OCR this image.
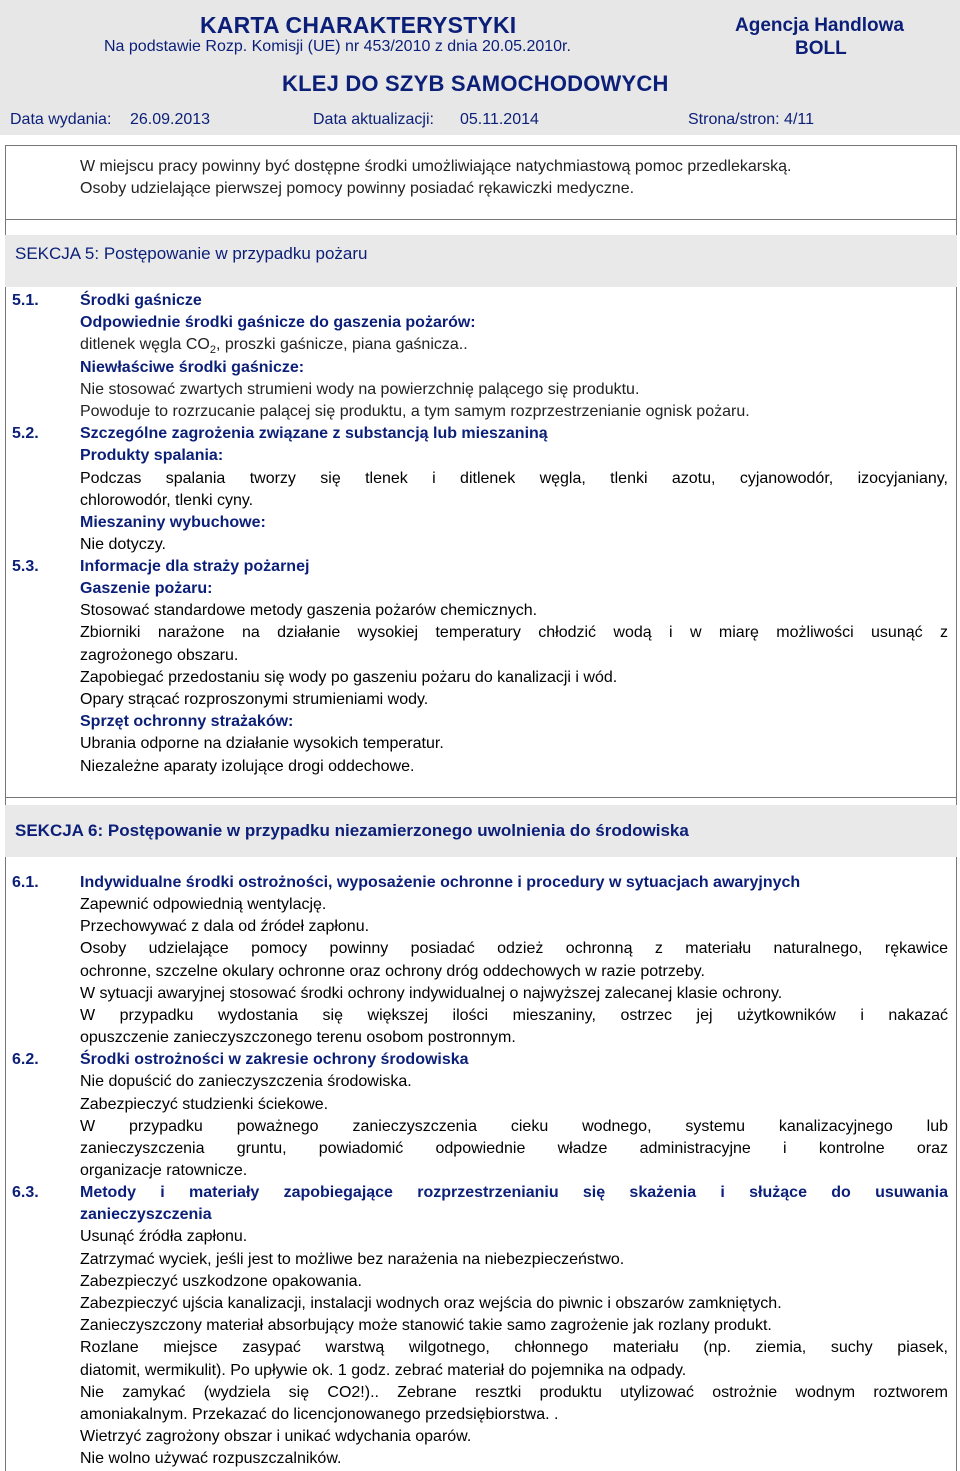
KARTA CHARAKTERYSTYKI
Na podstawie Rozp. Komisji (UE) nr 453/2010 z dnia 20.05.2010r.
Agencja Handlowa
BOLL
KLEJ DO SZYB SAMOCHODOWYCH
Data wydania: 26.09.2013	Data aktualizacji: 05.11.2014	Strona/stron: 4/11
W miejscu pracy powinny być dostępne środki umożliwiające natychmiastową pomoc przedlekarską.
Osoby udzielające pierwszej pomocy powinny posiadać rękawiczki medyczne.
SEKCJA 5: Postępowanie w przypadku pożaru
5.1.	Środki gaśnicze
Odpowiednie środki gaśnicze do gaszenia pożarów:
ditlenek węgla $CO_2$, proszki gaśnicze, piana gaśnicza..
Niewłaściwe środki gaśnicze:
Nie stosować zwartych strumieni wody na powierzchnię palącego się produktu.
Powoduje to rozrzucanie palącej się produktu, a tym samym rozprzestrzenianie ognisk pożaru.
5.2.	Szczególne zagrożenia związane z substancją lub mieszaniną
Produkty spalania:
Podczas spalania tworzy się tlenek i ditlenek węgla, tlenki azotu, cyjanowodór, izocyjaniany,
chlorowodór, tlenki cyny.
Mieszaniny wybuchowe:
Nie dotyczy.
5.3.	Informacje dla straży pożarnej
Gaszenie pożaru:
Stosować standardowe metody gaszenia pożarów chemicznych.
Zbiorniki narażone na działanie wysokiej temperatury chłodzić wodą i w miarę możliwości usunąć z
zagrożonego obszaru.
Zapobiegać przedostaniu się wody po gaszeniu pożaru do kanalizacji i wód.
Opary strącać rozproszonymi strumieniami wody.
Sprzęt ochronny strażaków:
Ubrania odporne na działanie wysokich temperatur.
Niezależne aparaty izolujące drogi oddechowe.
SEKCJA 6: Postępowanie w przypadku niezamierzonego uwolnienia do środowiska
6.1.	Indywidualne środki ostrożności, wyposażenie ochronne i procedury w sytuacjach awaryjnych
Zapewnić odpowiednią wentylację.
Przechowywać z dala od źródeł zapłonu.
Osoby udzielające pomocy powinny posiadać odzież ochronną z materiału naturalnego, rękawice
ochronne, szczelne okulary ochronne oraz ochrony dróg oddechowych w razie potrzeby.
W sytuacji awaryjnej stosować środki ochrony indywidualnej o najwyższej zalecanej klasie ochrony.
W przypadku wydostania się większej ilości mieszaniny, ostrzec jej użytkowników i nakazać
opuszczenie zanieczyszczonego terenu osobom postronnym.
6.2.	Środki ostrożności w zakresie ochrony środowiska
Nie dopuścić do zanieczyszczenia środowiska.
Zabezpieczyć studzienki ściekowe.
W przypadku poważnego zanieczyszczenia cieku wodnego, systemu kanalizacyjnego lub
zanieczyszczenia gruntu, powiadomić odpowiednie władze administracyjne i kontrolne oraz
organizacje ratownicze.
6.3.	Metody i materiały zapobiegające rozprzestrzenianiu się skażenia i służące do usuwania
zanieczyszczenia
Usunąć źródła zapłonu.
Zatrzymać wyciek, jeśli jest to możliwe bez narażenia na niebezpieczeństwo.
Zabezpieczyć uszkodzone opakowania.
Zabezpieczyć ujścia kanalizacji, instalacji wodnych oraz wejścia do piwnic i obszarów zamkniętych.
Zanieczyszczony materiał absorbujący może stanowić takie samo zagrożenie jak rozlany produkt.
Rozlane miejsce zasypać warstwą wilgotnego, chłonnego materiału (np. ziemia, suchy piasek,
diatomit, wermikulit). Po upływie ok. 1 godz. zebrać materiał do pojemnika na odpady.
Nie zamykać (wydziela się CO2!).. Zebrane resztki produktu utylizować ostrożnie wodnym roztworem
amoniakalnym. Przekazać do licencjonowanego przedsiębiorstwa. .
Wietrzyć zagrożony obszar i unikać wdychania oparów.
Nie wolno używać rozpuszczalników.
